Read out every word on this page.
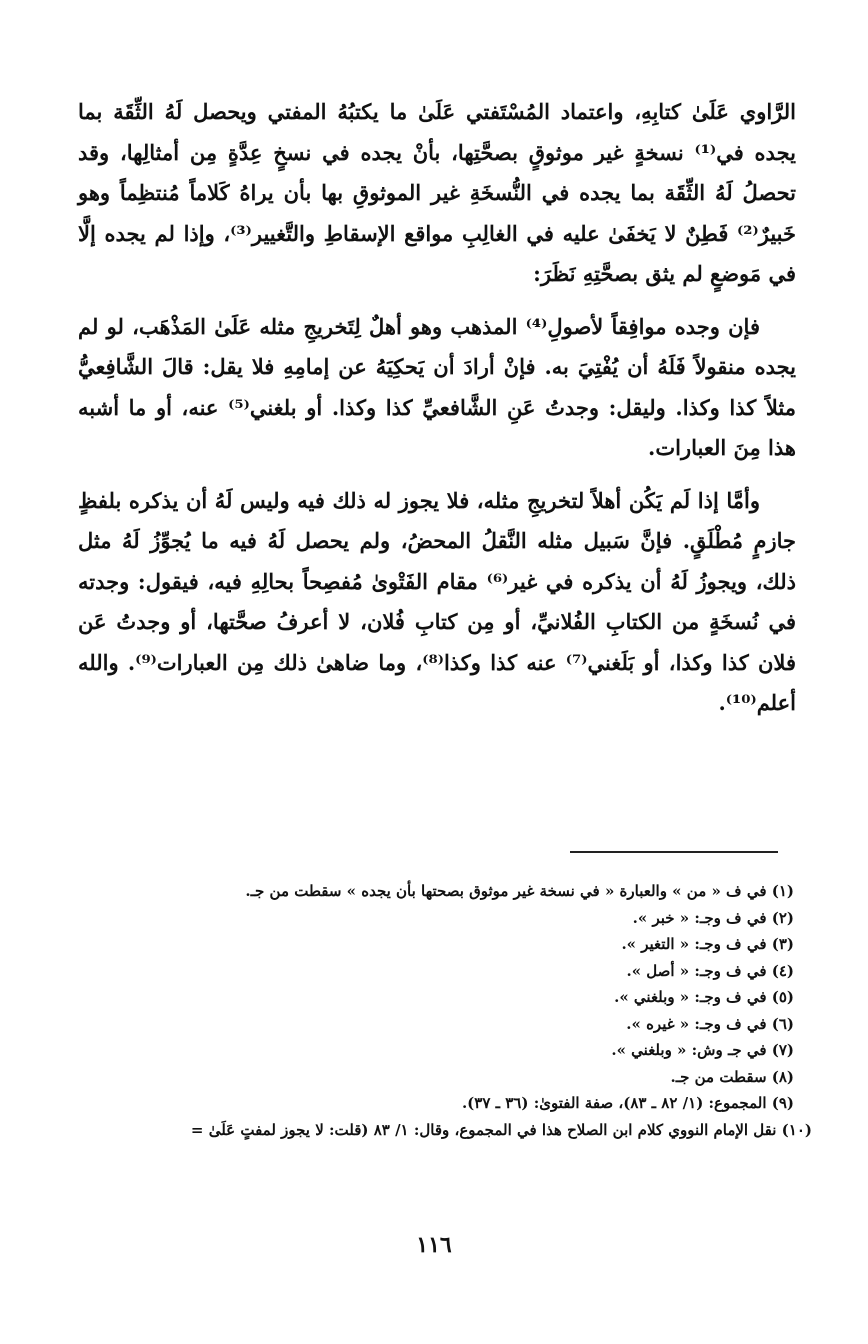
الرَّاوي عَلَىٰ كتابِهِ، واعتماد المُسْتَفتي عَلَىٰ ما يكتبُهُ المفتي ويحصل لَهُ الثِّقَة بما يجده في⁽¹⁾ نسخةٍ غير موثوقٍ بصحَّتِها، بأنْ يجده في نسخٍ عِدَّةٍ مِن أمثالِها، وقد تحصلُ لَهُ الثِّقَة بما يجده في النُّسخَةِ غير الموثوقِ بها بأن يراهُ كَلاماً مُنتظِماً وهو خَبيرٌ⁽²⁾ فَطِنٌ لا يَخفَىٰ عليه في الغالِبِ مواقع الإسقاطِ والتَّغيير⁽³⁾، وإذا لم يجده إلَّا في مَوضعٍ لم يثق بصحَّتِهِ نَظَرَ:

فإن وجده موافِقاً لأصولِ⁽⁴⁾ المذهب وهو أهلٌ لِتَخريجِ مثله عَلَىٰ المَذْهَب، لو لم يجده منقولاً فَلَهُ أن يُفْتِيَ به. فإنْ أرادَ أن يَحكِيَهُ عن إمامِهِ فلا يقل: قالَ الشَّافِعيُّ مثلاً كذا وكذا. وليقل: وجدتُ عَنِ الشَّافعيِّ كذا وكذا. أو بلغني⁽⁵⁾ عنه، أو ما أشبه هذا مِنَ العبارات.

وأمَّا إذا لَم يَكُن أهلاً لتخريجِ مثله، فلا يجوز له ذلك فيه وليس لَهُ أن يذكره بلفظٍ جازمٍ مُطْلَقٍ. فإنَّ سَبيل مثله النَّقلُ المحضُ، ولم يحصل لَهُ فيه ما يُجوِّزُ لَهُ مثل ذلك، ويجوزُ لَهُ أن يذكره في غير⁽⁶⁾ مقام الفَتْوىٰ مُفصِحاً بحالِهِ فيه، فيقول: وجدته في نُسخَةٍ من الكتابِ الفُلانيِّ، أو مِن كتابِ فُلان، لا أعرفُ صحَّتها، أو وجدتُ عَن فلان كذا وكذا، أو بَلَغني⁽⁷⁾ عنه كذا وكذا⁽⁸⁾، وما ضاهىٰ ذلك مِن العبارات⁽⁹⁾. والله أعلم⁽¹⁰⁾.

(١) في ف « من » والعبارة « في نسخة غير موثوق بصحتها بأن يجده » سقطت من جـ.

(٢) في ف وجـ: « خبر ».

(٣) في ف وجـ: « التغير ».

(٤) في ف وجـ: « أصل ».

(٥) في ف وجـ: « وبلغني ».

(٦) في ف وجـ: « غيره ».

(٧) في جـ وش: « وبلغني ».

(٨) سقطت من جـ.

(٩) المجموع: (١/ ٨٢ ـ ٨٣)، صفة الفتوىٰ: (٣٦ ـ ٣٧).

(١٠) نقل الإمام النووي كلام ابن الصلاح هذا في المجموع، وقال: ١/ ٨٣ (قلت: لا يجوز لمفتٍ عَلَىٰ =

١١٦
